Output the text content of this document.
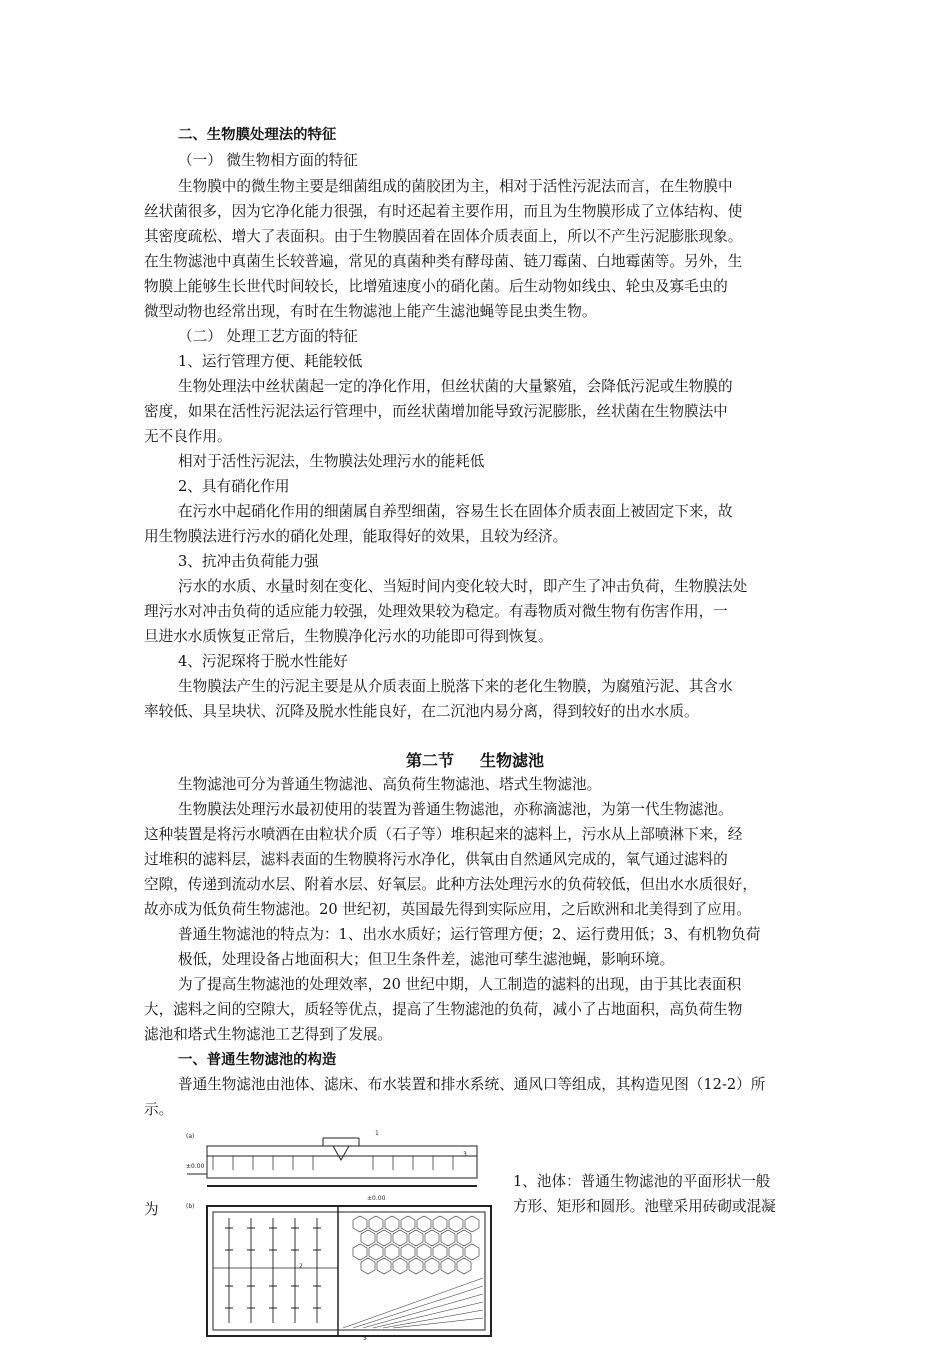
二、生物膜处理法的特征
（一） 微生物相方面的特征
生物膜中的微生物主要是细菌组成的菌胶团为主，相对于活性污泥法而言，在生物膜中
丝状菌很多，因为它净化能力很强，有时还起着主要作用，而且为生物膜形成了立体结构、使
其密度疏松、增大了表面积。由于生物膜固着在固体介质表面上，所以不产生污泥膨胀现象。
在生物滤池中真菌生长较普遍，常见的真菌种类有酵母菌、链刀霉菌、白地霉菌等。另外，生
物膜上能够生长世代时间较长，比增殖速度小的硝化菌。后生动物如线虫、轮虫及寡毛虫的
微型动物也经常出现，有时在生物滤池上能产生滤池蝇等昆虫类生物。
（二） 处理工艺方面的特征
1、运行管理方便、耗能较低
生物处理法中丝状菌起一定的净化作用，但丝状菌的大量繁殖，会降低污泥或生物膜的
密度，如果在活性污泥法运行管理中，而丝状菌增加能导致污泥膨胀，丝状菌在生物膜法中
无不良作用。
相对于活性污泥法，生物膜法处理污水的能耗低
2、具有硝化作用
在污水中起硝化作用的细菌属自养型细菌，容易生长在固体介质表面上被固定下来，故
用生物膜法进行污水的硝化处理，能取得好的效果，且较为经济。
3、抗冲击负荷能力强
污水的水质、水量时刻在变化、当短时间内变化较大时，即产生了冲击负荷，生物膜法处
理污水对冲击负荷的适应能力较强，处理效果较为稳定。有毒物质对微生物有伤害作用，一
旦进水水质恢复正常后，生物膜净化污水的功能即可得到恢复。
4、污泥琛将于脱水性能好
生物膜法产生的污泥主要是从介质表面上脱落下来的老化生物膜，为腐殖污泥、其含水
率较低、具呈块状、沉降及脱水性能良好，在二沉池内易分离，得到较好的出水水质。
第二节 生物滤池
生物滤池可分为普通生物滤池、高负荷生物滤池、塔式生物滤池。
生物膜法处理污水最初使用的装置为普通生物滤池，亦称滴滤池，为第一代生物滤池。
这种装置是将污水喷洒在由粒状介质（石子等）堆积起来的滤料上，污水从上部喷淋下来，经
过堆积的滤料层，滤料表面的生物膜将污水净化，供氧由自然通风完成的，氧气通过滤料的
空隙，传递到流动水层、附着水层、好氧层。此种方法处理污水的负荷较低，但出水水质很好，
故亦成为低负荷生物滤池。20 世纪初，英国最先得到实际应用，之后欧洲和北美得到了应用。
普通生物滤池的特点为：1、出水水质好；运行管理方便；2、运行费用低；3、有机物负荷
极低，处理设备占地面积大；但卫生条件差，滤池可孳生滤池蝇，影响环境。
为了提高生物滤池的处理效率，20 世纪中期，人工制造的滤料的出现，由于其比表面积
大，滤料之间的空隙大，质轻等优点，提高了生物滤池的负荷，减小了占地面积，高负荷生物
滤池和塔式生物滤池工艺得到了发展。
一、普通生物滤池的构造
普通生物滤池由池体、滤床、布水装置和排水系统、通风口等组成，其构造见图（12-2）所
示。
为
1、池体：普通生物滤池的平面形状一般
方形、矩形和圆形。池壁采用砖砌或混凝
(a)
±0.00
1
3
(b)
±0.00
2
5
